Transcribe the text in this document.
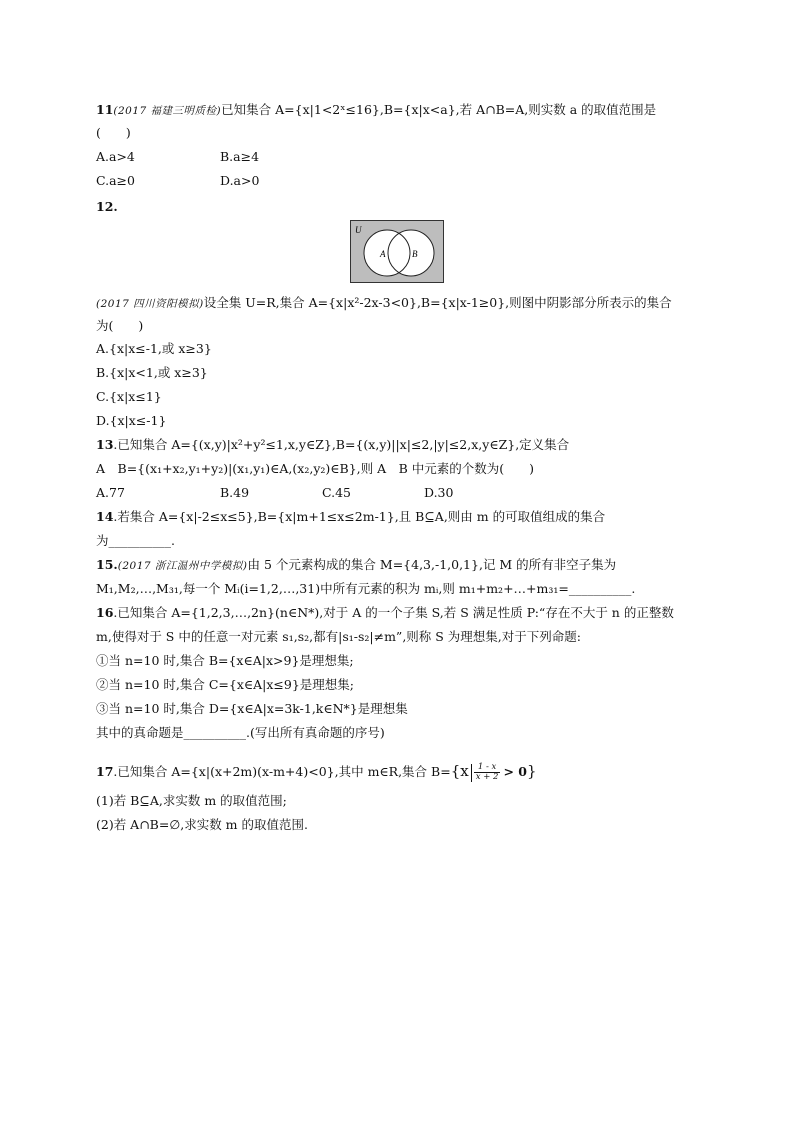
11(2017 福建三明质检)已知集合 A={x|1<2ˣ≤16},B={x|x<a},若 A∩B=A,则实数 a 的取值范围是
(　　)
A.a>4	B.a≥4
C.a≥0	D.a>0
12.
U
A	B
(2017 四川资阳模拟)设全集 U=R,集合 A={x|x²-2x-3<0},B={x|x-1≥0},则图中阴影部分所表示的集合
为(　　)
A.{x|x≤-1,或 x≥3}
B.{x|x<1,或 x≥3}
C.{x|x≤1}
D.{x|x≤-1}
13.已知集合 A={(x,y)|x²+y²≤1,x,y∈Z},B={(x,y)||x|≤2,|y|≤2,x,y∈Z},定义集合
A　B={(x₁+x₂,y₁+y₂)|(x₁,y₁)∈A,(x₂,y₂)∈B},则 A　B 中元素的个数为(　　)
A.77	B.49	C.45	D.30
14.若集合 A={x|-2≤x≤5},B={x|m+1≤x≤2m-1},且 B⊆A,则由 m 的可取值组成的集合
为__________.
15.(2017 浙江温州中学模拟)由 5 个元素构成的集合 M={4,3,-1,0,1},记 M 的所有非空子集为
M₁,M₂,…,M₃₁,每一个 Mᵢ(i=1,2,…,31)中所有元素的积为 mᵢ,则 m₁+m₂+…+m₃₁=__________.
16.已知集合 A={1,2,3,…,2n}(n∈N*),对于 A 的一个子集 S,若 S 满足性质 P:“存在不大于 n 的正整数
m,使得对于 S 中的任意一对元素 s₁,s₂,都有|s₁-s₂|≠m”,则称 S 为理想集,对于下列命题:
①当 n=10 时,集合 B={x∈A|x>9}是理想集;
②当 n=10 时,集合 C={x∈A|x≤9}是理想集;
③当 n=10 时,集合 D={x∈A|x=3k-1,k∈N*}是理想集
其中的真命题是__________.(写出所有真命题的序号)
17.已知集合 A={x|(x+2m)(x-m+4)<0},其中 m∈R,集合 $B=\{x \frac{1 - x}{x + 2} > 0\}$
(1)若 B⊆A,求实数 m 的取值范围;
(2)若 A∩B=∅,求实数 m 的取值范围.
